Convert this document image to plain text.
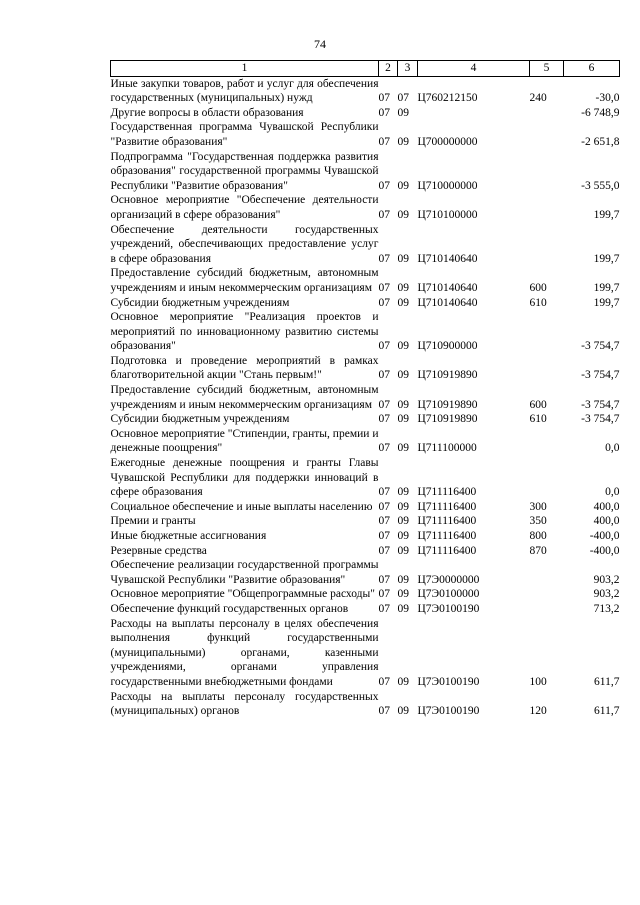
74
1	2	3	4	5	6
Иные закупки товаров, работ и услуг для обеспечения государственных (муниципальных) нужд	07	07	Ц760212150	240	-30,0
Другие вопросы в области образования	07	09			-6 748,9
Государственная программа Чувашской Республики "Развитие образования"	07	09	Ц700000000		-2 651,8
Подпрограмма "Государственная поддержка развития образования" государственной программы Чувашской Республики "Развитие образования"	07	09	Ц710000000		-3 555,0
Основное мероприятие "Обеспечение деятельности организаций в сфере образования"	07	09	Ц710100000		199,7
Обеспечение деятельности государственных учреждений, обеспечивающих предоставление услуг в сфере образования	07	09	Ц710140640		199,7
Предоставление субсидий бюджетным, автономным учреждениям и иным некоммерческим организациям	07	09	Ц710140640	600	199,7
Субсидии бюджетным учреждениям	07	09	Ц710140640	610	199,7
Основное мероприятие "Реализация проектов и мероприятий по инновационному развитию системы образования"	07	09	Ц710900000		-3 754,7
Подготовка и проведение мероприятий в рамках благотворительной акции "Стань первым!"	07	09	Ц710919890		-3 754,7
Предоставление субсидий бюджетным, автономным учреждениям и иным некоммерческим организациям	07	09	Ц710919890	600	-3 754,7
Субсидии бюджетным учреждениям	07	09	Ц710919890	610	-3 754,7
Основное мероприятие "Стипендии, гранты, премии и денежные поощрения"	07	09	Ц711100000		0,0
Ежегодные денежные поощрения и гранты Главы Чувашской Республики для поддержки инноваций в сфере образования	07	09	Ц711116400		0,0
Социальное обеспечение и иные выплаты населению	07	09	Ц711116400	300	400,0
Премии и гранты	07	09	Ц711116400	350	400,0
Иные бюджетные ассигнования	07	09	Ц711116400	800	-400,0
Резервные средства	07	09	Ц711116400	870	-400,0
Обеспечение реализации государственной программы Чувашской Республики "Развитие образования"	07	09	Ц7Э0000000		903,2
Основное мероприятие "Общепрограммные расходы"	07	09	Ц7Э0100000		903,2
Обеспечение функций государственных органов	07	09	Ц7Э0100190		713,2
Расходы на выплаты персоналу в целях обеспечения выполнения функций государственными (муниципальными) органами, казенными учреждениями, органами управления государственными внебюджетными фондами	07	09	Ц7Э0100190	100	611,7
Расходы на выплаты персоналу государственных (муниципальных) органов	07	09	Ц7Э0100190	120	611,7
